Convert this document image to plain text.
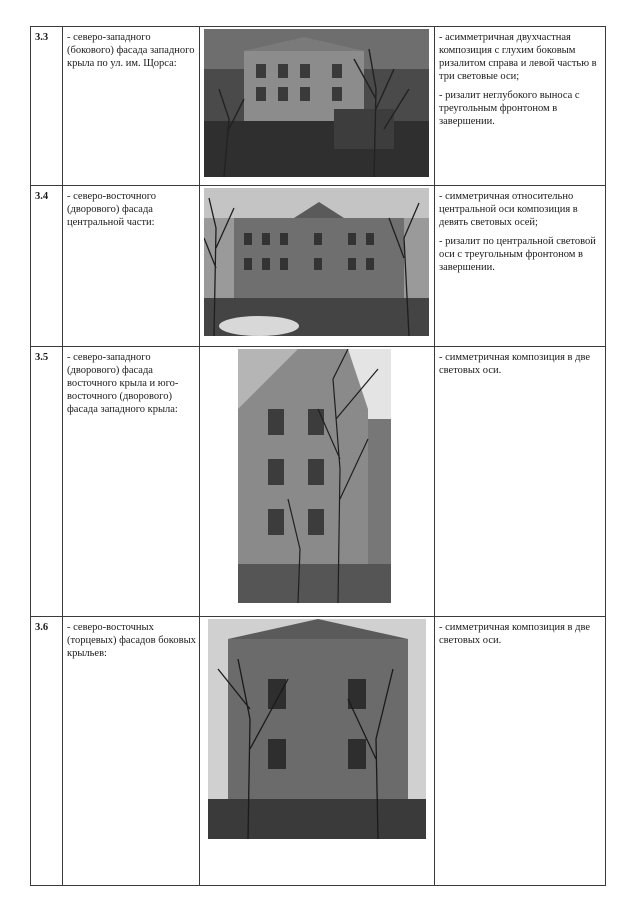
3.3	- северо-западного (бокового) фасада западного крыла по ул. им. Щорса:		- асимметричная двухчастная композиция с глухим боковым ризалитом справа и левой частью в три световые оси;

- ризалит неглубокого выноса с треугольным фронтоном в завершении.

3.4	- северо-восточного (дворового) фасада центральной части:		- симметричная относительно центральной оси композиция в девять световых осей;

- ризалит по центральной световой оси с треугольным фронтоном в завершении.

3.5	- северо-западного (дворового) фасада восточного крыла и юго-восточного (дворового) фасада западного крыла:		- симметричная композиция в две световых оси.

3.6	- северо-восточных (торцевых) фасадов боковых крыльев:		- симметричная композиция в две световых оси.
